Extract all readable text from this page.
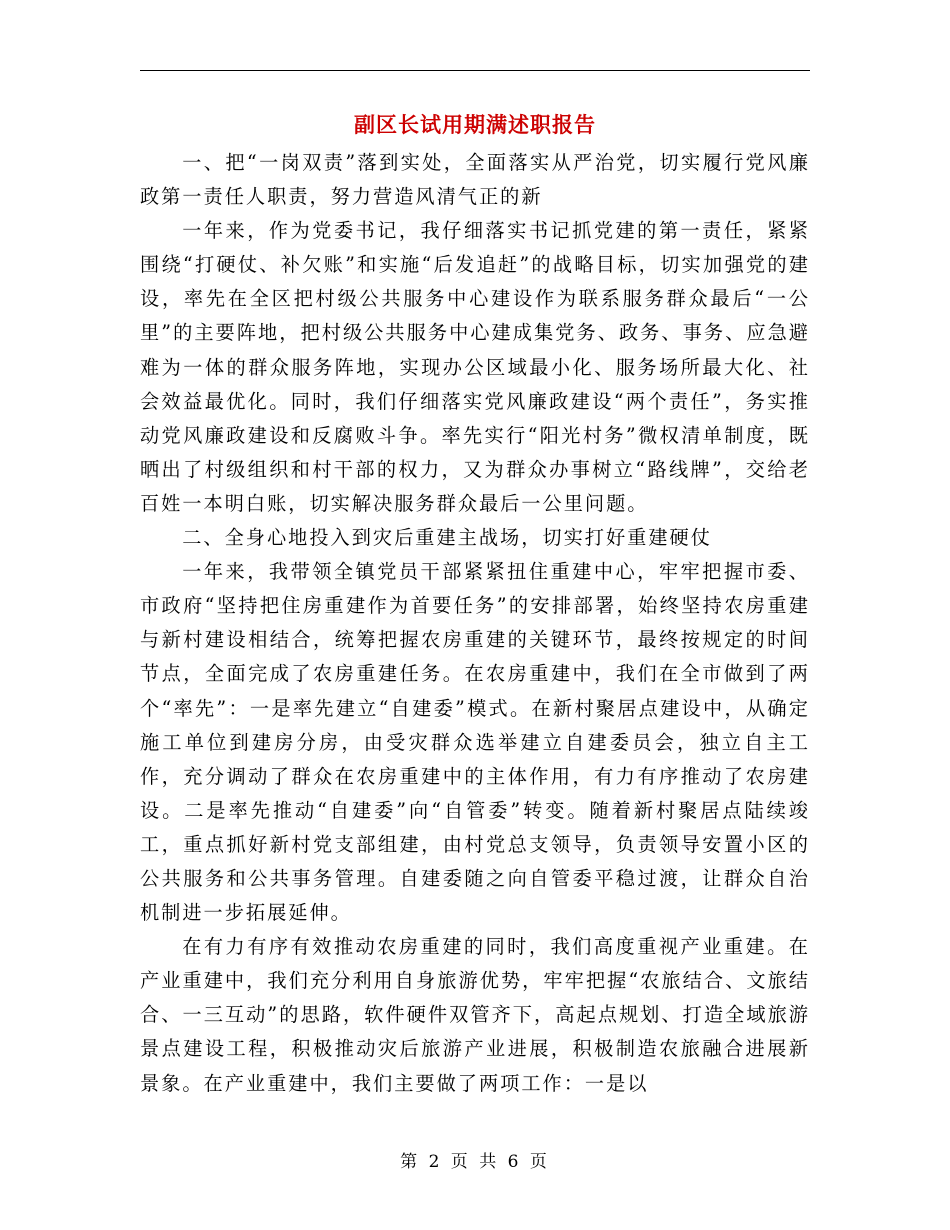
副区长试用期满述职报告

一、把“一岗双责”落到实处，全面落实从严治党，切实履行党风廉政第一责任人职责，努力营造风清气正的新

一年来，作为党委书记，我仔细落实书记抓党建的第一责任，紧紧围绕“打硬仗、补欠账”和实施“后发追赶”的战略目标，切实加强党的建设，率先在全区把村级公共服务中心建设作为联系服务群众最后“一公里”的主要阵地，把村级公共服务中心建成集党务、政务、事务、应急避难为一体的群众服务阵地，实现办公区域最小化、服务场所最大化、社会效益最优化。同时，我们仔细落实党风廉政建设“两个责任”，务实推动党风廉政建设和反腐败斗争。率先实行“阳光村务”微权清单制度，既晒出了村级组织和村干部的权力，又为群众办事树立“路线牌”，交给老百姓一本明白账，切实解决服务群众最后一公里问题。

二、全身心地投入到灾后重建主战场，切实打好重建硬仗

一年来，我带领全镇党员干部紧紧扭住重建中心，牢牢把握市委、市政府“坚持把住房重建作为首要任务”的安排部署，始终坚持农房重建与新村建设相结合，统筹把握农房重建的关键环节，最终按规定的时间节点，全面完成了农房重建任务。在农房重建中，我们在全市做到了两个“率先”：一是率先建立“自建委”模式。在新村聚居点建设中，从确定施工单位到建房分房，由受灾群众选举建立自建委员会，独立自主工作，充分调动了群众在农房重建中的主体作用，有力有序推动了农房建设。二是率先推动“自建委”向“自管委”转变。随着新村聚居点陆续竣工，重点抓好新村党支部组建，由村党总支领导，负责领导安置小区的公共服务和公共事务管理。自建委随之向自管委平稳过渡，让群众自治机制进一步拓展延伸。

在有力有序有效推动农房重建的同时，我们高度重视产业重建。在产业重建中，我们充分利用自身旅游优势，牢牢把握“农旅结合、文旅结合、一三互动”的思路，软件硬件双管齐下，高起点规划、打造全域旅游景点建设工程，积极推动灾后旅游产业进展，积极制造农旅融合进展新景象。在产业重建中，我们主要做了两项工作：一是以

第 2 页 共 6 页
